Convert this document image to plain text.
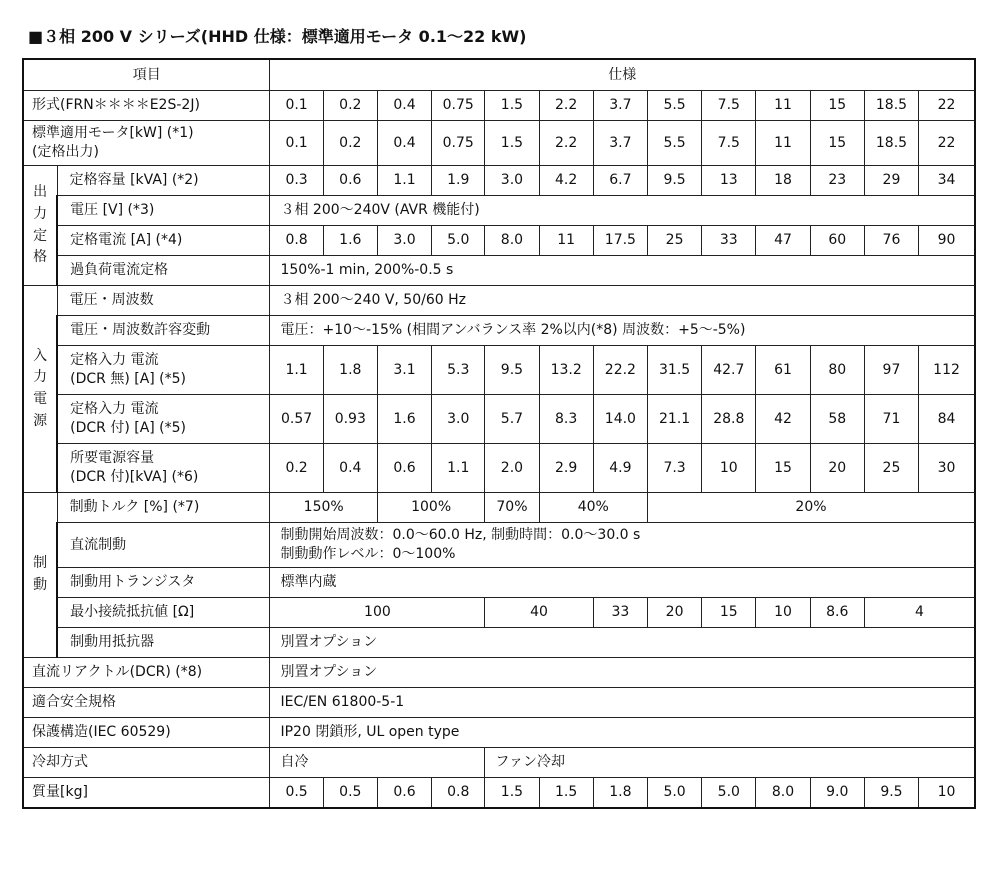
■３相 200 V シリーズ(HHD 仕様：標準適用モータ 0.1～22 kW)
項目		仕様												
形式(FRN＊＊＊＊E2S-2J)		0.1	0.2	0.4	0.75	1.5	2.2	3.7	5.5	7.5	11	15	18.5	22

標準適用モータ[kW] (*1)
(定格出力)		0.1	0.2	0.4	0.75	1.5	2.2	3.7	5.5	7.5	11	15	18.5	22

出
力
定
格	定格容量 [kVA] (*2)	0.3	0.6	1.1	1.9	3.0	4.2	6.7	9.5	13	18	23	29	34
	電圧 [V] (*3)	３相 200～240V (AVR 機能付)												
	定格電流 [A] (*4)	0.8	1.6	3.0	5.0	8.0	11	17.5	25	33	47	60	76	90
	過負荷電流定格	150%-1 min, 200%-0.5 s												

入
力
電
源	電圧・周波数	３相 200～240 V, 50/60 Hz												
	電圧・周波数許容変動	電圧：+10～-15% (相間アンバランス率 2%以内(*8) 周波数：+5～-5%)												

	定格入力 電流
(DCR 無) [A] (*5)	1.1	1.8	3.1	5.3	9.5	13.2	22.2	31.5	42.7	61	80	97	112

	定格入力 電流
(DCR 付) [A] (*5)	0.57	0.93	1.6	3.0	5.7	8.3	14.0	21.1	28.8	42	58	71	84

	所要電源容量
(DCR 付)[kVA] (*6)	0.2	0.4	0.6	1.1	2.0	2.9	4.9	7.3	10	15	20	25	30

制
動	制動トルク [%] (*7)	150%		100%		70%	40%		20%					
	直流制動	制動開始周波数：0.0～60.0 Hz, 制動時間：0.0～30.0 s
制動動作レベル：0～100%												

	制動用トランジスタ	標準内蔵												
	最小接続抵抗値 [Ω]	100				40		33	20	15	10	8.6	4	
	制動用抵抗器	別置オプション												
直流リアクトル(DCR) (*8)		別置オプション												
適合安全規格		IEC/EN 61800-5-1												
保護構造(IEC 60529)		IP20 閉鎖形, UL open type												
冷却方式		自冷				ファン冷却								
質量[kg]		0.5	0.5	0.6	0.8	1.5	1.5	1.8	5.0	5.0	8.0	9.0	9.5	10
